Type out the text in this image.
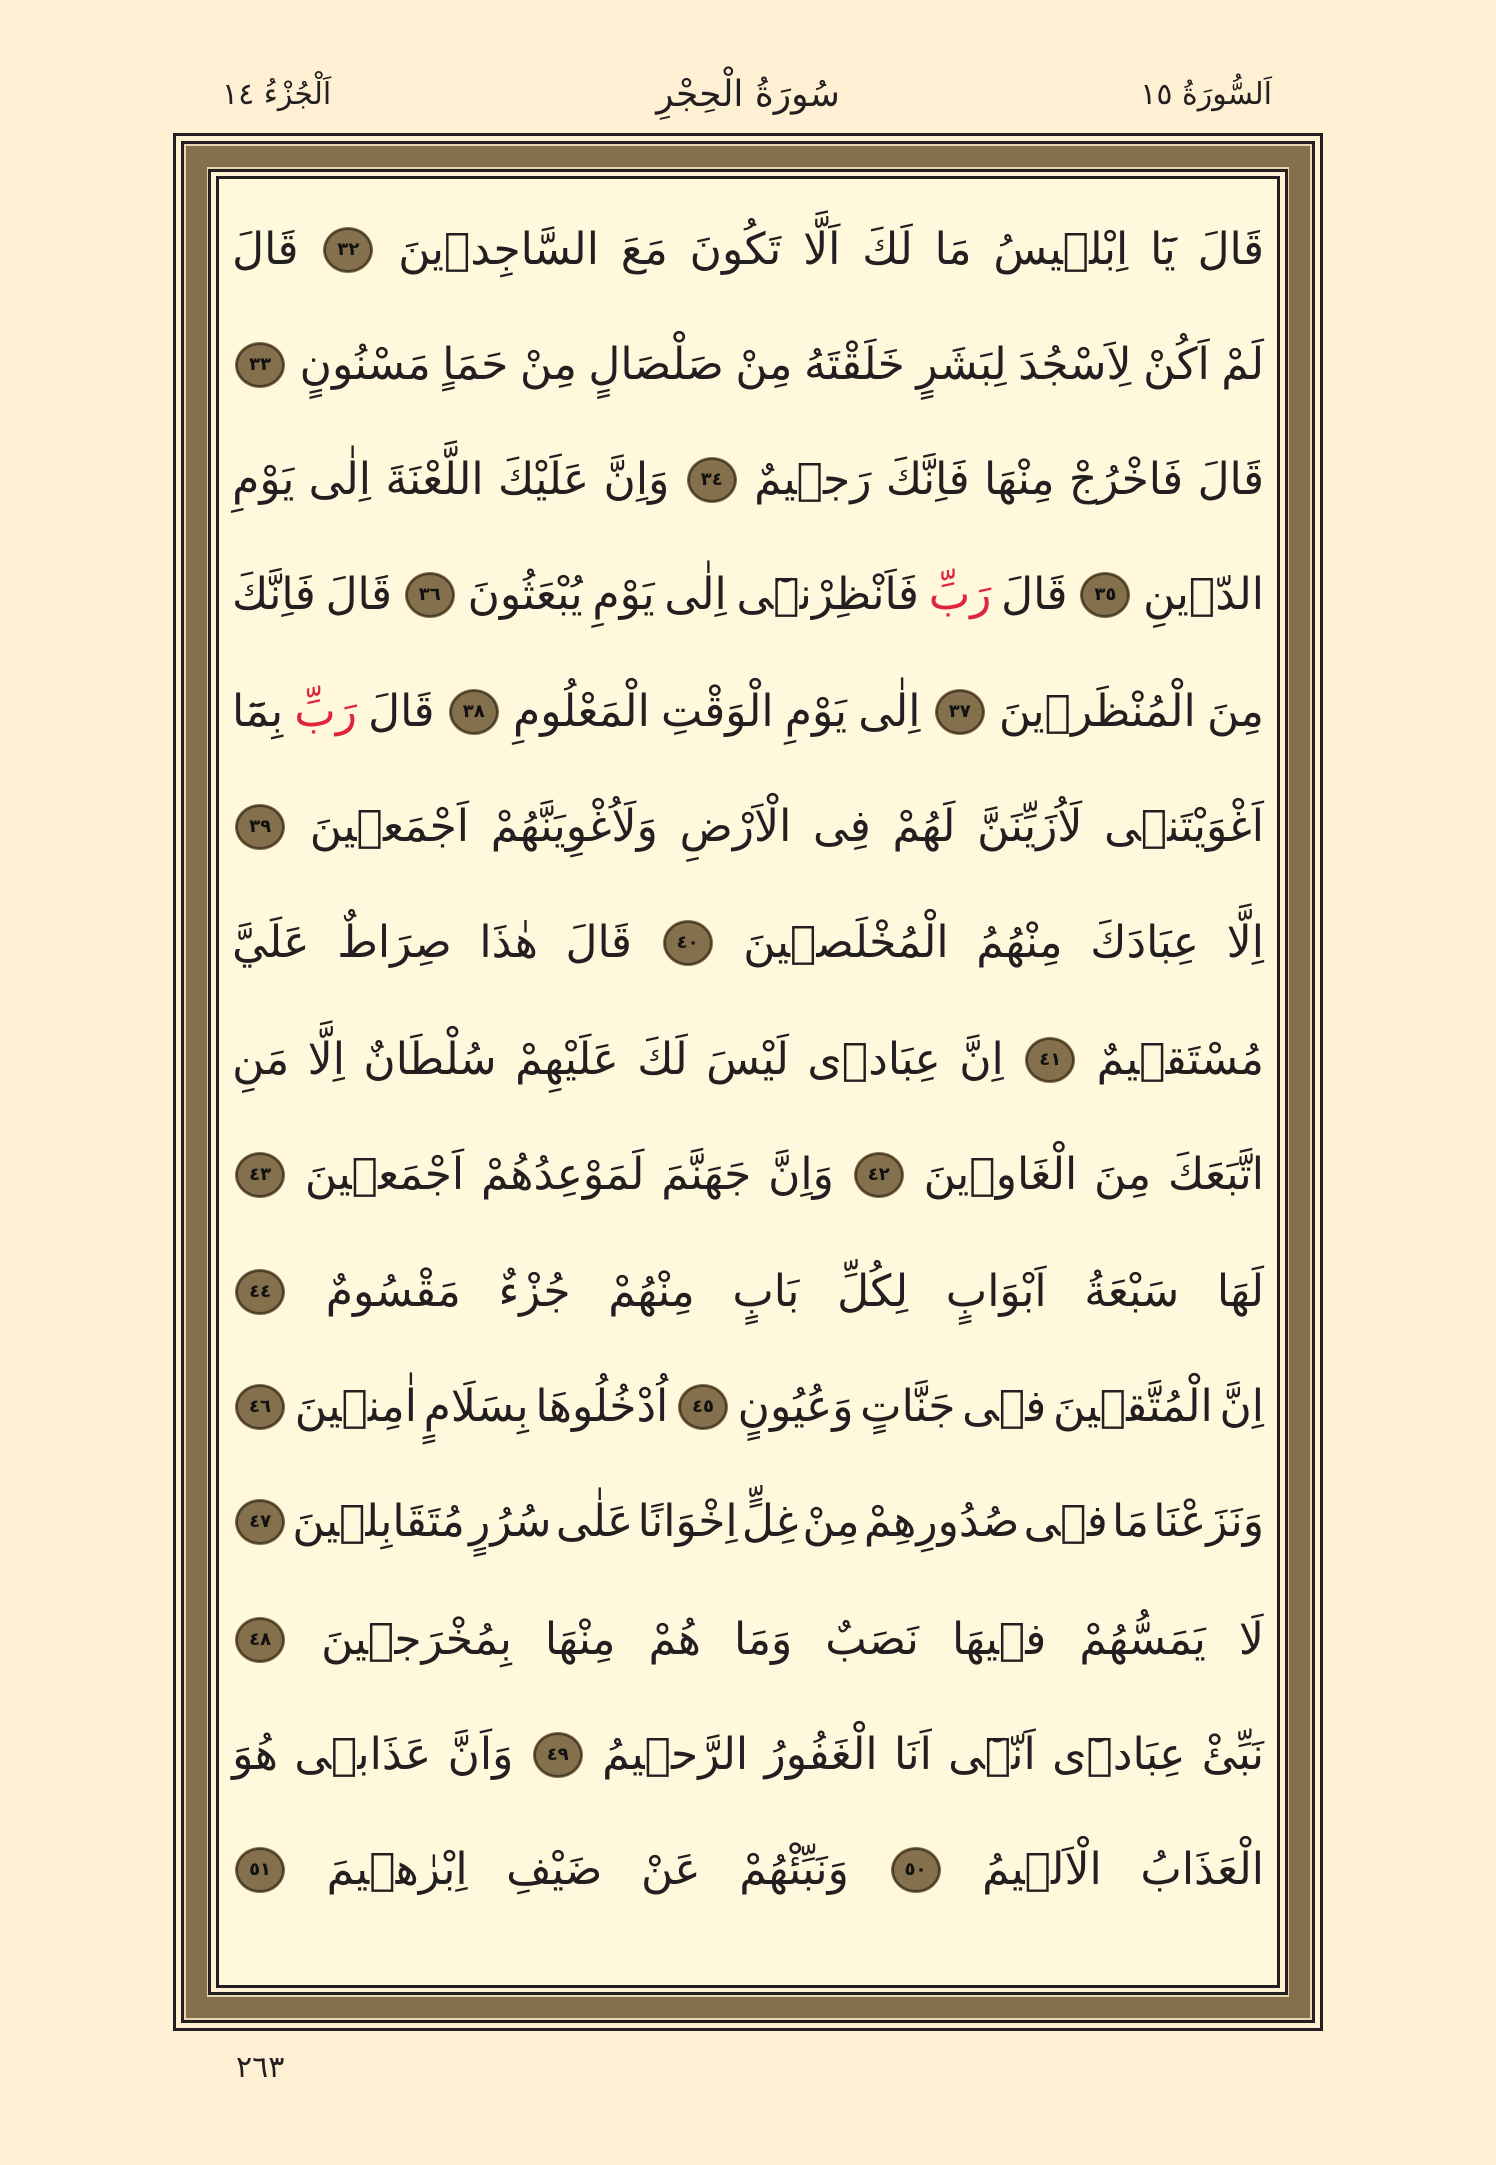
اَلسُّورَةُ ١٥
سُورَةُ الْحِجْرِ
اَلْجُزْءُ ١٤
قَالَ
يَٓا
اِبْلٖيسُ
مَا
لَكَ
اَلَّا
تَكُونَ
مَعَ
السَّاجِدٖينَ
٣٢
قَالَ
لَمْ
اَكُنْ
لِاَسْجُدَ
لِبَشَرٍ
خَلَقْتَهُ
مِنْ
صَلْصَالٍ
مِنْ
حَمَاٍ
مَسْنُونٍ
٣٣
قَالَ
فَاخْرُجْ
مِنْهَا
فَاِنَّكَ
رَجٖيمٌ
٣٤
وَاِنَّ
عَلَيْكَ
اللَّعْنَةَ
اِلٰى
يَوْمِ
الدّٖينِ
٣٥
قَالَ
رَبِّ
فَاَنْظِرْنٖٓى
اِلٰى
يَوْمِ
يُبْعَثُونَ
٣٦
قَالَ
فَاِنَّكَ
مِنَ
الْمُنْظَرٖينَ
٣٧
اِلٰى
يَوْمِ
الْوَقْتِ
الْمَعْلُومِ
٣٨
قَالَ
رَبِّ
بِمَٓا
اَغْوَيْتَنٖى
لَاُزَيِّنَنَّ
لَهُمْ
فِى
الْاَرْضِ
وَلَاُغْوِيَنَّهُمْ
اَجْمَعٖينَ
٣٩
اِلَّا
عِبَادَكَ
مِنْهُمُ
الْمُخْلَصٖينَ
٤٠
قَالَ
هٰذَا
صِرَاطٌ
عَلَيَّ
مُسْتَقٖيمٌ
٤١
اِنَّ
عِبَادٖى
لَيْسَ
لَكَ
عَلَيْهِمْ
سُلْطَانٌ
اِلَّا
مَنِ
اتَّبَعَكَ
مِنَ
الْغَاوٖينَ
٤٢
وَاِنَّ
جَهَنَّمَ
لَمَوْعِدُهُمْ
اَجْمَعٖينَ
٤٣
لَهَا
سَبْعَةُ
اَبْوَابٍ
لِكُلِّ
بَابٍ
مِنْهُمْ
جُزْءٌ
مَقْسُومٌ
٤٤
اِنَّ
الْمُتَّقٖينَ
فٖى
جَنَّاتٍ
وَعُيُونٍ
٤٥
اُدْخُلُوهَا
بِسَلَامٍ
اٰمِنٖينَ
٤٦
وَنَزَعْنَا
مَا
فٖى
صُدُورِهِمْ
مِنْ
غِلٍّ
اِخْوَانًا
عَلٰى
سُرُرٍ
مُتَقَابِلٖينَ
٤٧
لَا
يَمَسُّهُمْ
فٖيهَا
نَصَبٌ
وَمَا
هُمْ
مِنْهَا
بِمُخْرَجٖينَ
٤٨
نَبِّئْ
عِبَادٖٓى
اَنّٖٓى
اَنَا
الْغَفُورُ
الرَّحٖيمُ
٤٩
وَاَنَّ
عَذَابٖى
هُوَ
الْعَذَابُ
الْاَلٖيمُ
٥٠
وَنَبِّئْهُمْ
عَنْ
ضَيْفِ
اِبْرٰهٖيمَ
٥١
٢٦٣
